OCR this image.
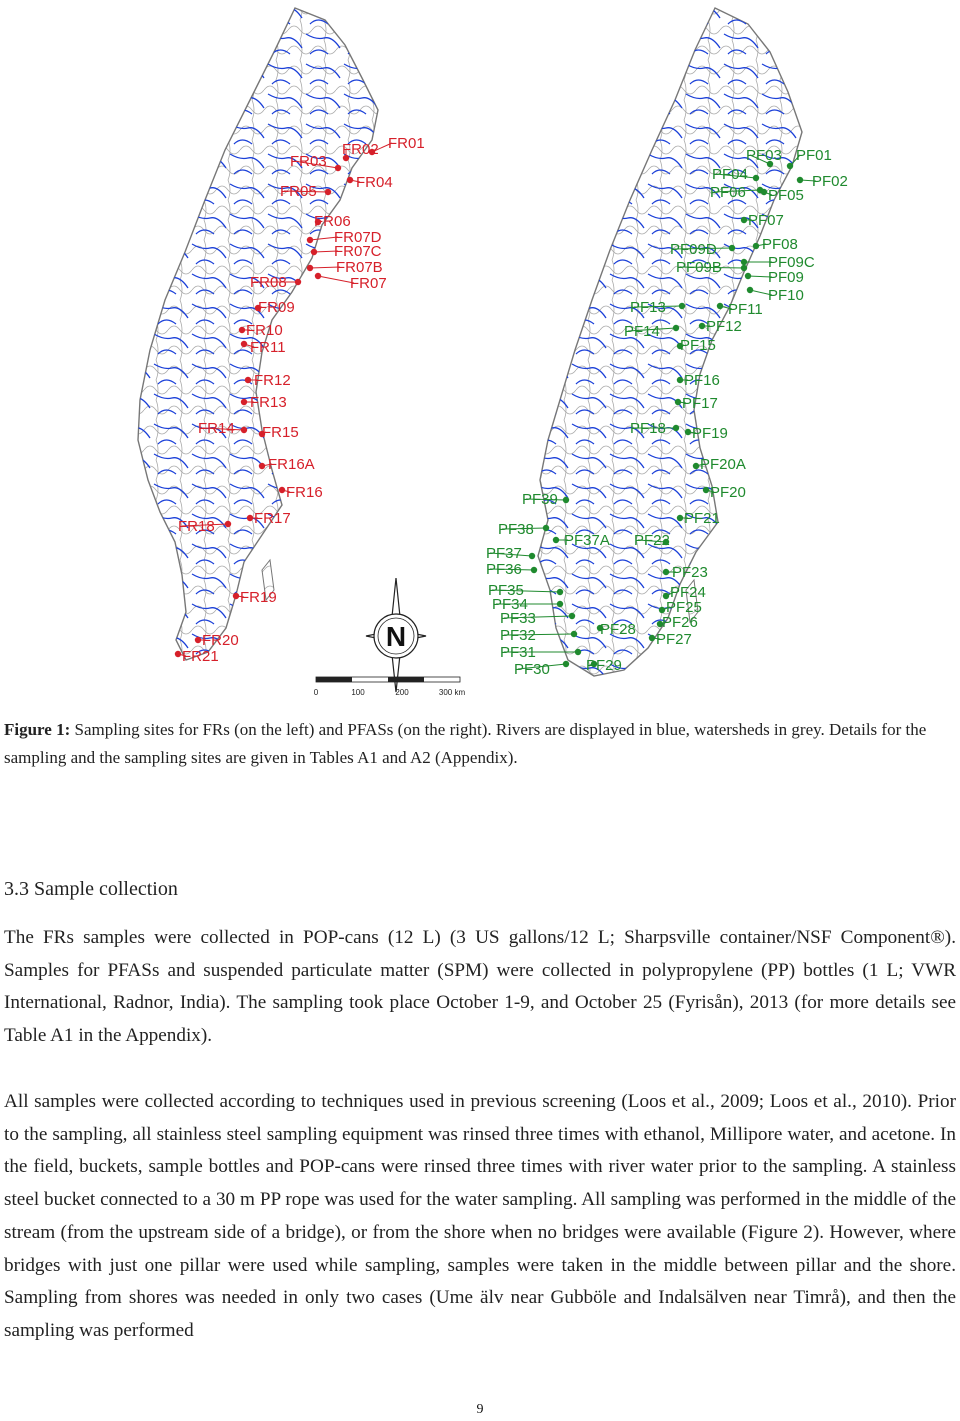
FR01
FR02
FR03
FR04
FR05
FR06
FR07D
FR07C
FR07B
FR07
FR08
FR09
FR10
FR11
FR12
FR13
FR14 FR15
FR16A
FR16
FR17
FR18
FR19
FR20
FR21
PF03 PF01
PF04	PF02
PF06 PF05
PF07
PF08
PF09D
PF09C
PF09B
PF09
PF10
PF13	PF11
PF12
PF14
PF15
PF16
PF17
PF18 PF19
PF20A
PF20
PF39
PF21
PF38
PF37A PF22
PF37
PF36	PF23
PF35
PF34
PF24
PF25
PF33	PF26
PF28
PF32	PF27
PF31
PF29
PF30
N
0	100	200	300 km
Figure 1: Sampling sites for FRs (on the left) and PFASs (on the right). Rivers are displayed in blue, watersheds in grey. Details for the sampling and the sampling sites are given in Tables A1 and A2 (Appendix).
3.3 Sample collection

The FRs samples were collected in POP-cans (12 L) (3 US gallons/12 L; Sharpsville container/NSF Component®). Samples for PFASs and suspended particulate matter (SPM) were collected in polypropylene (PP) bottles (1 L; VWR International, Radnor, India). The sampling took place October 1-9, and October 25 (Fyrisån), 2013 (for more details see Table A1 in the Appendix).

All samples were collected according to techniques used in previous screening (Loos et al., 2009; Loos et al., 2010). Prior to the sampling, all stainless steel sampling equipment was rinsed three times with ethanol, Millipore water, and acetone. In the field, buckets, sample bottles and POP-cans were rinsed three times with river water prior to the sampling. A stainless steel bucket connected to a 30 m PP rope was used for the water sampling. All sampling was performed in the middle of the stream (from the upstream side of a bridge), or from the shore when no bridges were available (Figure 2). However, where bridges with just one pillar were used while sampling, samples were taken in the middle between pillar and the shore. Sampling from shores was needed in only two cases (Ume älv near Gubböle and Indalsälven near Timrå), and then the sampling was performed

9
